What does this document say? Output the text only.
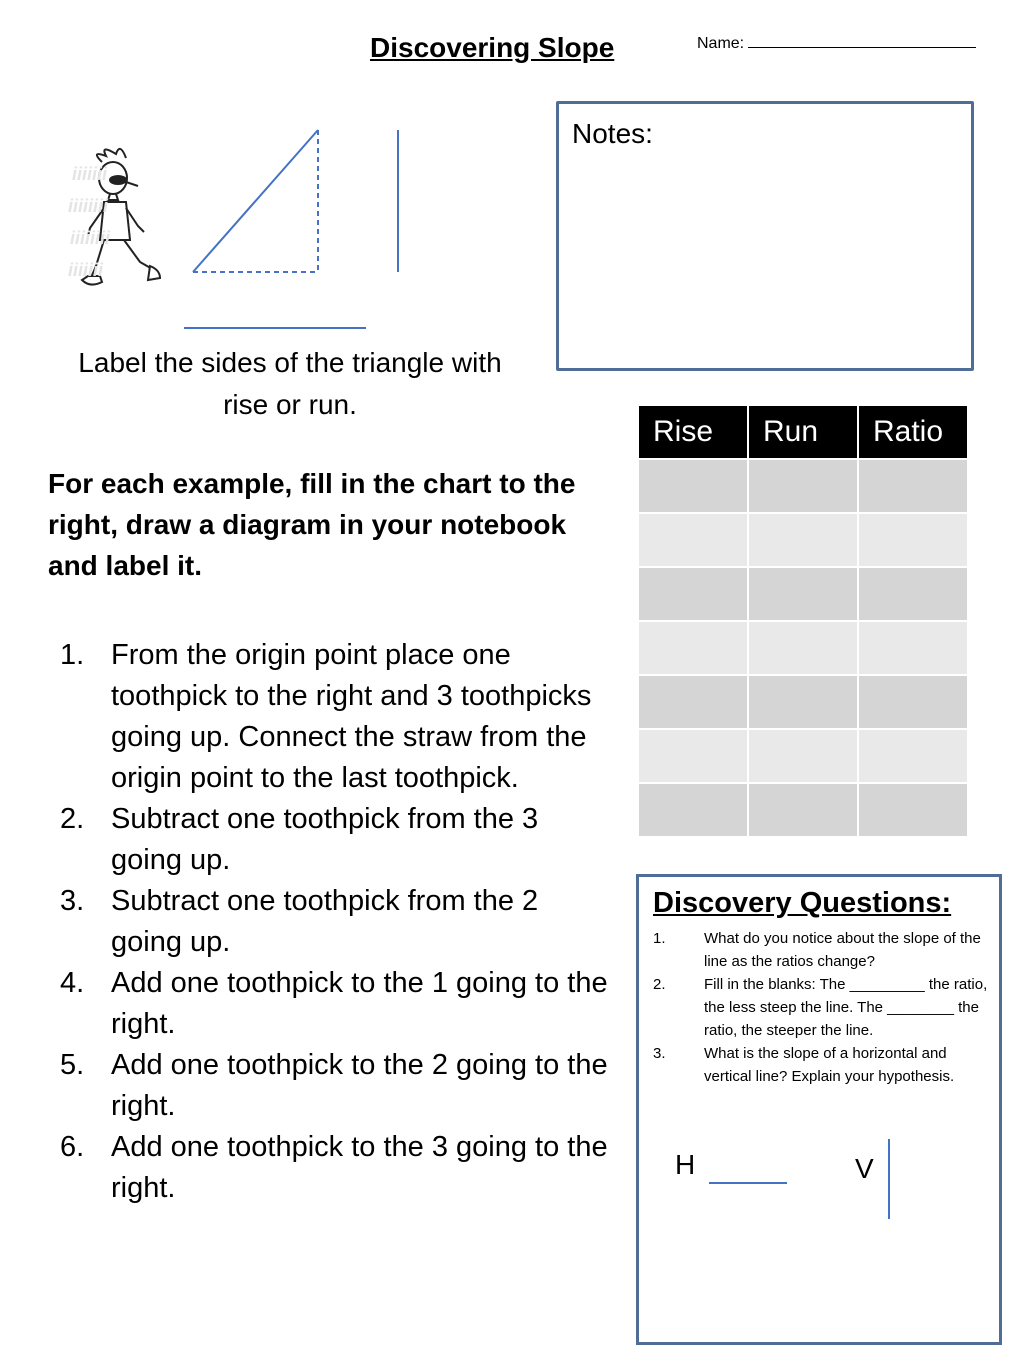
Discovering Slope	Name:
iiiiiii
iiiiiiii
iiiiiiii
iiiiiii
Label the sides of the triangle with rise or run.
For each example, fill in the chart to the right, draw a diagram in your notebook and label it.
1. From the origin point place one toothpick to the right and 3 toothpicks going up. Connect the straw from the origin point to the last toothpick.
2. Subtract one toothpick from the 3 going up.
3. Subtract one toothpick from the 2 going up.
4. Add one toothpick to the 1 going to the right.
5. Add one toothpick to the 2 going to the right.
6. Add one toothpick to the 3 going to the right.
Notes:
Rise	Run	Ratio

Discovery Questions:
1.	What do you notice about the slope of the line as the ratios change?
2.	Fill in the blanks: The _________ the ratio, the less steep the line. The ________ the ratio, the steeper the line.
3.	What is the slope of a horizontal and vertical line? Explain your hypothesis.
H	V
